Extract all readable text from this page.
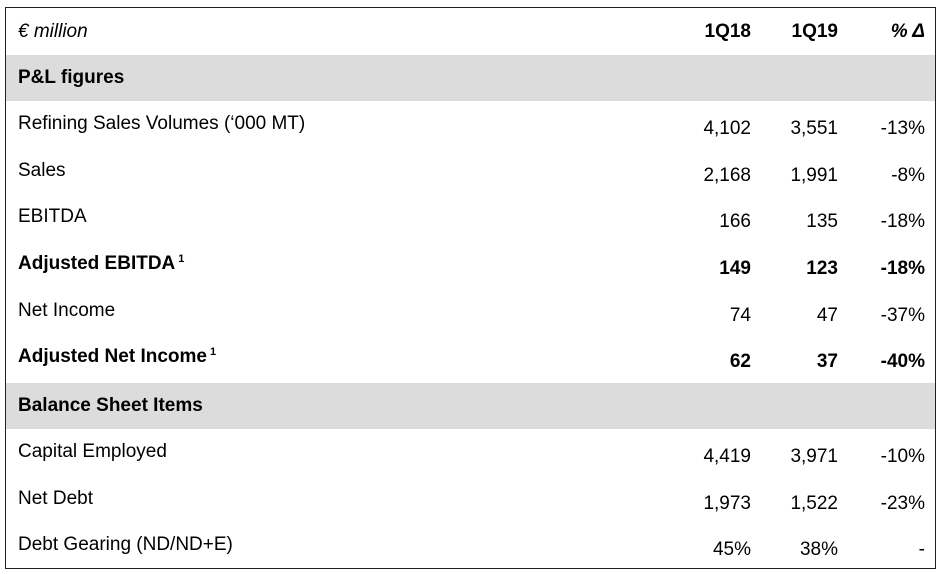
€ million	1Q18 1Q19	% Δ
P&L figures
Refining Sales Volumes (‘000 MT)	4,102 3,551 -13%
Sales	2,168 1,991	-8%
EBITDA	166	135 -18%
Adjusted EBITDA $^1$	149	123 -18%
Net Income	74	47 -37%
Adjusted Net Income $^1$	62	37 -40%
Balance Sheet Items
Capital Employed	4,419 3,971 -10%
Net Debt	1,973 1,522 -23%
Debt Gearing (ND/ND+E)	45%	38%	-
